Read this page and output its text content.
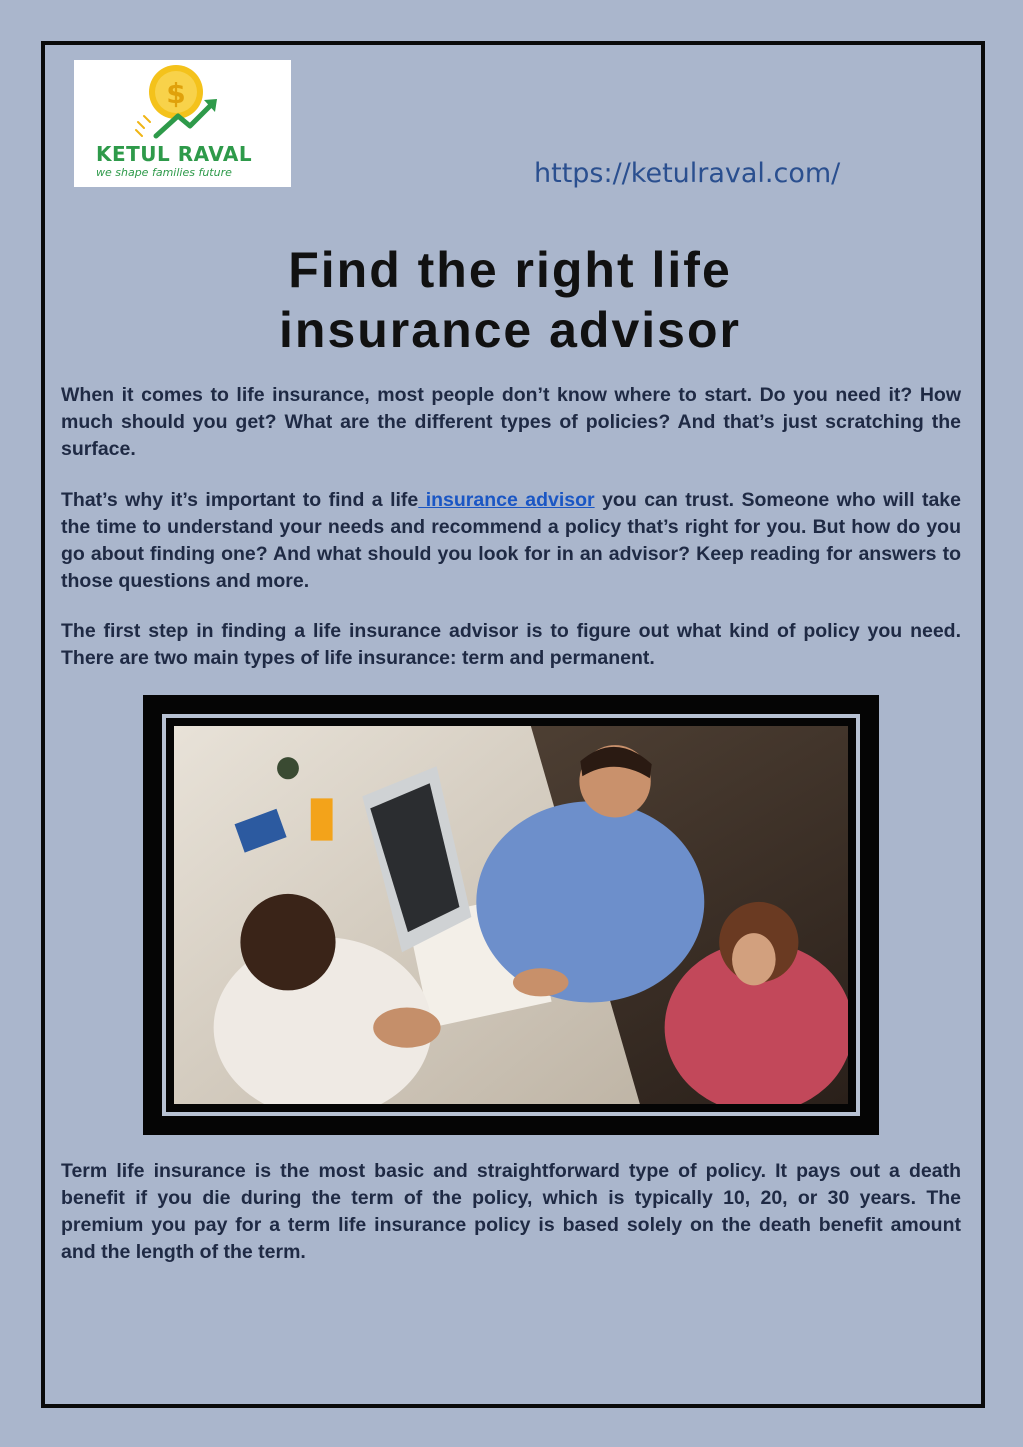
$
KETUL RAVAL
we shape families future	https://ketulraval.com/
Find the right life
insurance advisor

When it comes to life insurance, most people don’t know where to start. Do you need it? How much should you get? What are the different types of policies? And that’s just scratching the surface.

That’s why it’s important to find a life insurance advisor you can trust. Someone who will take the time to understand your needs and recommend a policy that’s right for you. But how do you go about finding one? And what should you look for in an advisor? Keep reading for answers to those questions and more.

The first step in finding a life insurance advisor is to figure out what kind of policy you need. There are two main types of life insurance: term and permanent.

Term life insurance is the most basic and straightforward type of policy. It pays out a death benefit if you die during the term of the policy, which is typically 10, 20, or 30 years. The premium you pay for a term life insurance policy is based solely on the death benefit amount and the length of the term.
